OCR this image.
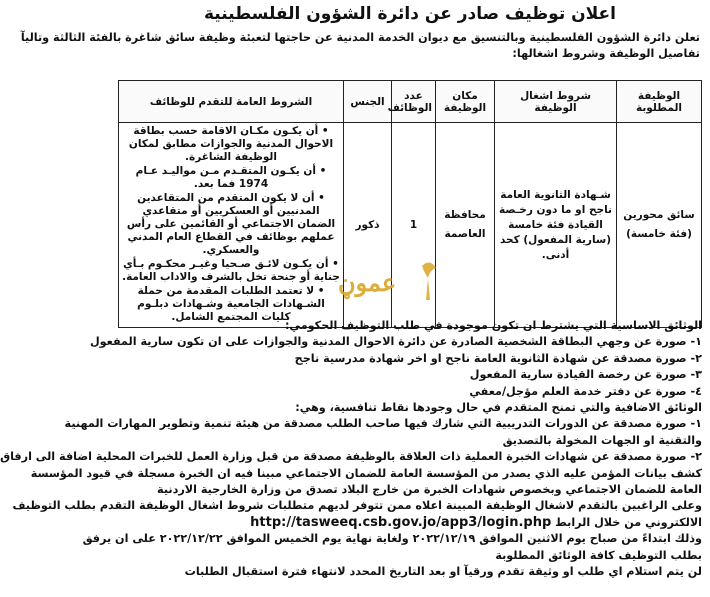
اعلان توظيف صادر عن دائرة الشؤون الفلسطينية
تعلن دائرة الشؤون الفلسطينية وبالتنسيق مع ديوان الخدمة المدنية عن حاجتها لتعبئة وظيفة سائق شاغرة بالفئة الثالثة وتاليآ
تفاصيل الوظيفة وشروط اشغالها:
الوظيفة المطلوبة	شروط اشغال الوظيفة	مكان الوظيفة	عدد الوظائف	الجنس	الشروط العامة للتقدم للوظائف
سائق محورين (فئة خامسة)	شـهادة الثانوية العامة ناجح او ما دون رخـصة القيادة فئة خامسة (سارية المفعول) كحد أدنى.	محافظة العاصمة	1	ذكور	• أن يكـون مكـان الاقامة حسب بطاقة الاحوال المدنية والجوازات مطابق لمكان الوظيفة الشاغرة.
• أن يكـون المتقـدم مـن مواليـد عـام 1974 فما بعد.
• أن لا يكون المتقدم من المتقاعدين المدنيين أو العسكريين أو متقاعدي الضمان الاجتماعي أو القائمين على رأس عملهم بوظائف في القطاع العام المدني والعسكري.
• أن يكـون لائـق صـحيا وغيـر محكـوم بـأي جناية أو جنحة تخل بالشرف والاداب العامة.
• لا تعتمد الطلبات المقدمة من حملة الشـهادات الجامعية وشـهادات دبلـوم كليات المجتمع الشامل.
عموڼ
الوثائق الاساسية التي يشترط ان تكون موجودة في طلب التوظيف الحكومي:
١- صورة عن وجهي البطاقة الشخصية الصادرة عن دائرة الاحوال المدنية والجوازات على ان تكون سارية المفعول
٢- صورة مصدقة عن شهادة الثانوية العامة ناجح او اخر شهادة مدرسية ناجح
٣- صورة عن رخصة القيادة سارية المفعول
٤- صورة عن دفتر خدمة العلم مؤجل/معفي
الوثائق الاضافية والتي تمنح المتقدم في حال وجودها نقاط تنافسية، وهي:
١- صورة مصدقة عن الدورات التدريبية التي شارك فيها صاحب الطلب مصدقة من هيئة تنمية وتطوير المهارات المهنية
والتقنية او الجهات المخولة بالتصديق
٢- صورة مصدقة عن شهادات الخبرة العملية ذات العلاقة بالوظيفة مصدقة من قبل وزارة العمل للخبرات المحلية اضافة الى ارفاق
كشف بيانات المؤمن عليه الذي يصدر من المؤسسة العامة للضمان الاجتماعي مبينا فيه ان الخبرة مسجلة في قيود المؤسسة
العامة للضمان الاجتماعي وبخصوص شهادات الخبرة من خارج البلاد تصدق من وزارة الخارجية الاردنية
وعلى الراغبين بالتقدم لاشغال الوظيفة المبينة اعلاه ممن تتوفر لديهم متطلبات شروط اشغال الوظيفة التقدم بطلب التوظيف
الالكتروني من خلال الرابط http://tasweeq.csb.gov.jo/app3/login.php
وذلك ابتداءً من صباح يوم الاثنين الموافق ٢٠٢٢/١٢/١٩ ولغاية نهاية يوم الخميس الموافق ٢٠٢٢/١٢/٢٢ على ان يرفق
بطلب التوظيف كافة الوثائق المطلوبة
لن يتم استلام اي طلب او وثيقة تقدم ورقيآ او بعد التاريخ المحدد لانتهاء فترة استقبال الطلبات
